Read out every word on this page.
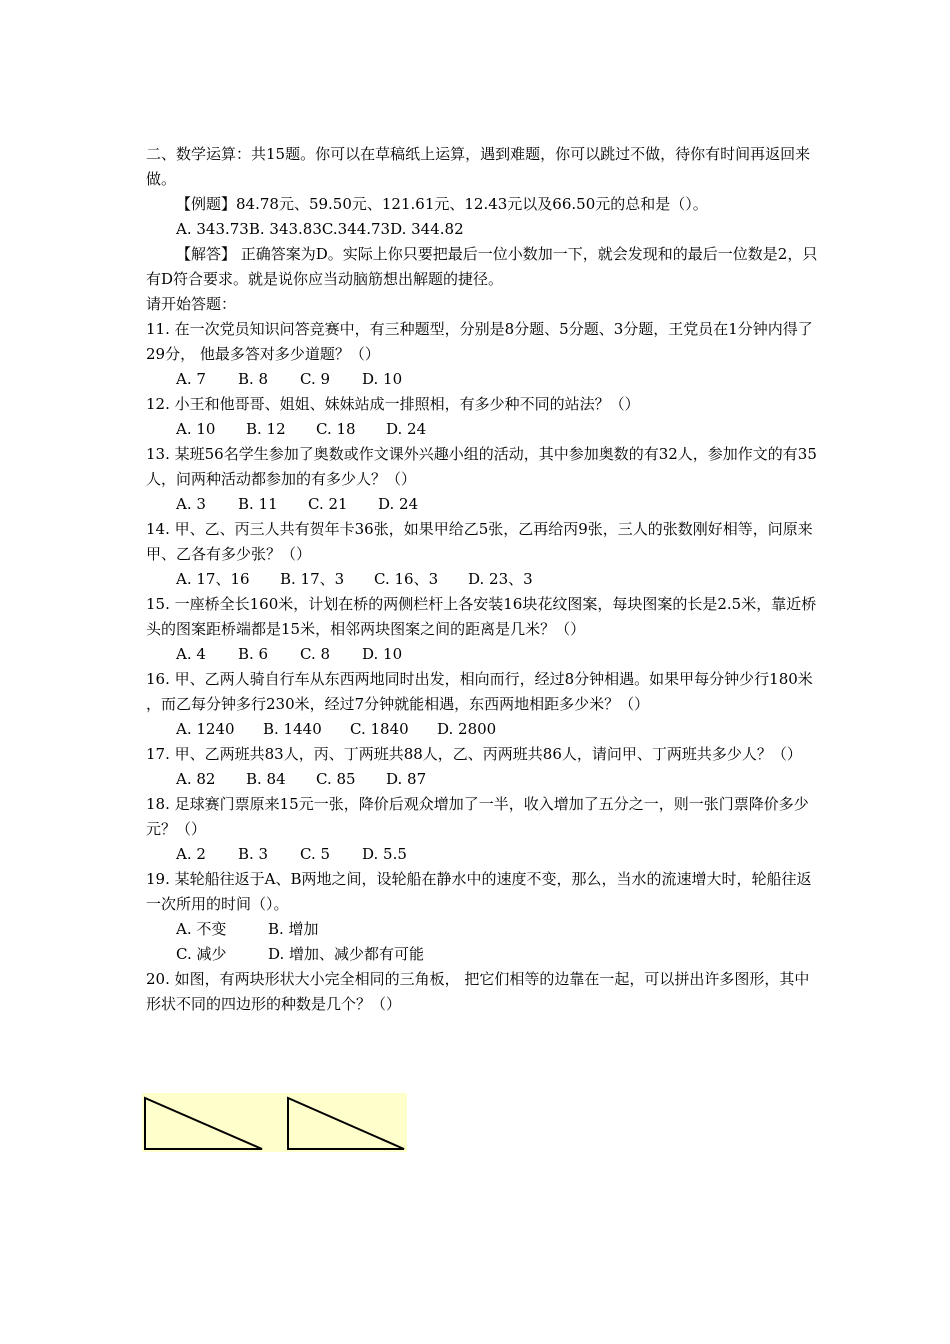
二、数学运算：共15题。你可以在草稿纸上运算，遇到难题，你可以跳过不做，待你有时间再返回来做。
【例题】84.78元、59.50元、121.61元、12.43元以及66.50元的总和是（）。
A. 343.73B. 343.83C.344.73D. 344.82
【解答】 正确答案为D。实际上你只要把最后一位小数加一下，就会发现和的最后一位数是2，只有D符合要求。就是说你应当动脑筋想出解题的捷径。
请开始答题：
11. 在一次党员知识问答竞赛中，有三种题型，分别是8分题、5分题、3分题，王党员在1分钟内得了29分， 他最多答对多少道题？（）
A. 7 B. 8 C. 9 D. 10
12. 小王和他哥哥、姐姐、妹妹站成一排照相，有多少种不同的站法？（）
A. 10 B. 12 C. 18 D. 24
13. 某班56名学生参加了奥数或作文课外兴趣小组的活动，其中参加奥数的有32人，参加作文的有35人，问两种活动都参加的有多少人？（）
A. 3 B. 11 C. 21 D. 24
14. 甲、乙、丙三人共有贺年卡36张，如果甲给乙5张，乙再给丙9张，三人的张数刚好相等，问原来甲、乙各有多少张？（）
A. 17、16 B. 17、3 C. 16、3 D. 23、3
15. 一座桥全长160米，计划在桥的两侧栏杆上各安装16块花纹图案，每块图案的长是2.5米，靠近桥头的图案距桥端都是15米，相邻两块图案之间的距离是几米？（）
A. 4 B. 6 C. 8 D. 10
16. 甲、乙两人骑自行车从东西两地同时出发，相向而行，经过8分钟相遇。如果甲每分钟少行180米，而乙每分钟多行230米，经过7分钟就能相遇，东西两地相距多少米？（）
A. 1240 B. 1440 C. 1840 D. 2800
17. 甲、乙两班共83人，丙、丁两班共88人，乙、丙两班共86人，请问甲、丁两班共多少人？（）
A. 82 B. 84 C. 85 D. 87
18. 足球赛门票原来15元一张，降价后观众增加了一半，收入增加了五分之一，则一张门票降价多少元？（）
A. 2 B. 3 C. 5 D. 5.5
19. 某轮船往返于A、B两地之间，设轮船在静水中的速度不变，那么，当水的流速增大时，轮船往返一次所用的时间（）。
A. 不变	B. 增加
C. 减少	D. 增加、减少都有可能
20. 如图，有两块形状大小完全相同的三角板， 把它们相等的边靠在一起，可以拼出许多图形，其中形状不同的四边形的种数是几个？（）
